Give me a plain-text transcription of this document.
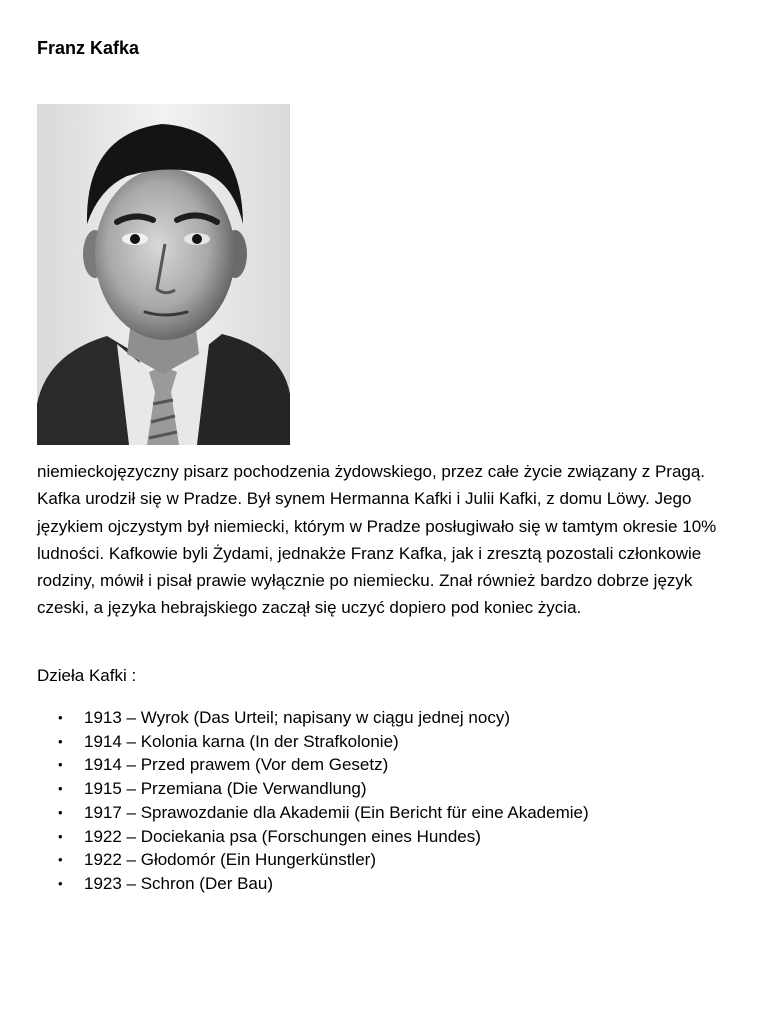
Franz Kafka

niemieckojęzyczny pisarz pochodzenia żydowskiego, przez całe życie związany z Pragą. Kafka urodził się w Pradze. Był synem Hermanna Kafki i Julii Kafki, z domu Löwy. Jego językiem ojczystym był niemiecki, którym w Pradze posługiwało się w tamtym okresie 10% ludności. Kafkowie byli Żydami, jednakże Franz Kafka, jak i zresztą pozostali członkowie rodziny, mówił i pisał prawie wyłącznie po niemiecku. Znał również bardzo dobrze język czeski, a języka hebrajskiego zaczął się uczyć dopiero pod koniec życia.

Dzieła Kafki :

• 1913 – Wyrok (Das Urteil; napisany w ciągu jednej nocy)
• 1914 – Kolonia karna (In der Strafkolonie)
• 1914 – Przed prawem (Vor dem Gesetz)
• 1915 – Przemiana (Die Verwandlung)
• 1917 – Sprawozdanie dla Akademii (Ein Bericht für eine Akademie)
• 1922 – Dociekania psa (Forschungen eines Hundes)
• 1922 – Głodomór (Ein Hungerkünstler)
• 1923 – Schron (Der Bau)
